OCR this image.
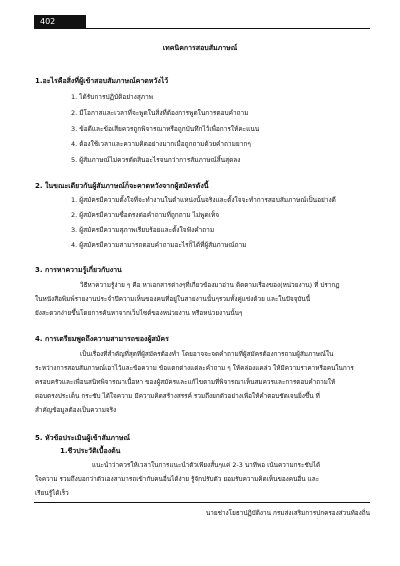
402
เทคนิคการสอบสัมภาษณ์
1.อะไรคือสิ่งที่ผู้เข้าสอบสัมภาษณ์คาดหวังไว้
1. ได้รับการปฏิบัติอย่างสุภาพ
2. มีโอกาสและเวลาที่จะพูดในสิ่งที่ต้องการพูดในการตอบคำถาม
3. ข้อดีและข้อเสียควรถูกพิจารณาหรือถูกบันทึกไว้เพื่อการให้คะแนน
4. ต้องใช้เวลาและความคิดอย่างมากเมื่อถูกถามด้วยคำถามยากๆ
5. ผู้สัมภาษณ์ไม่ควรตัดสินอะไรจนกว่าการสัมภาษณ์สิ้นสุดลง
2. ในขณะเดียวกันผู้สัมภาษณ์ก็จะคาดหวังจากผู้สมัครดังนี้
1. ผู้สมัครมีความตั้งใจที่จะทำงานในตำแหน่งนั้นจริงและตั้งใจจะทำการสอบสัมภาษณ์เป็นอย่างดี
2. ผู้สมัครมีความซื่อตรงต่อคำถามที่ถูกถาม ไม่พูดเท็จ
3. ผู้สมัครมีความสุภาพเรียบร้อยและตั้งใจฟังคำถาม
4. ผู้สมัครมีความสามารถตอบคำถามอะไรก็ได้ที่ผู้สัมภาษณ์ถาม
3. การหาความรู้เกี่ยวกับงาน
วิธีหาความรู้ง่าย ๆ คือ หาเอกสารต่างๆที่เกี่ยวข้องมาอ่าน ติดตามเรื่องของ(หน่วยงาน) ที่ ปรากฏ
ในหนังสือพิมพ์รายงานประจำปีความเห็นของคนที่อยู่ในสายงานนั้นๆรวมทั้งคู่แข่งด้วย และในปัจจุบันนี้
ยังสะดวกง่ายขึ้นโดยการค้นหาจากเว็บไซต์ของหน่วยงาน หรือหน่วยงานนั้นๆ
4. การเตรียมพูดถึงความสามารถของผู้สมัคร
เป็นเรื่องที่สำคัญที่สุดที่ผู้สมัครต้องทำ โดยอาจจะจดคำถามที่ผู้สมัครต้องการถามผู้สัมภาษณ์ใน
ระหว่างการสอบสัมภาษณ์เอาไว้และข้อความ ข้อแตกต่างแต่ละคำถาม ๆ ให้คล่องแคล่ว ให้มีความราคาหรือคนในการ
ครอบครัวและเพื่อนสนิทพิจารณาเนื้อหา ของผู้สมัครและแก้ไขตามที่พิจารณาเห็นสมควรและการตอบคำถามให้
ตอบตรงประเด็น กระชับ ได้ใจความ มีความคิดสร้างสรรค์ รวมถึงยกตัวอย่างเพื่อให้คำตอบชัดเจนยิ่งขึ้น ที่
สำคัญข้อมูลต้องเป็นความจริง
5. หัวข้อประเมินผู้เข้าสัมภาษณ์
1.ชีวประวัติเบื้องต้น
แนะนำว่าควรให้เวลาในการแนะนำตัวเพียงสั้นๆแค่ 2-3 นาทีพอ เน้นความกระชับได้
ใจความ รวมถึงบอกว่าตัวเองสามารถเข้ากับคนอื่นได้ง่าย รู้จักปรับตัว ยอมรับความคิดเห็นของคนอื่น และ
เรียนรู้ได้เร็ว
นายช่างโยธาปฏิบัติงาน กรมส่งเสริมการปกครองส่วนท้องถิ่น
